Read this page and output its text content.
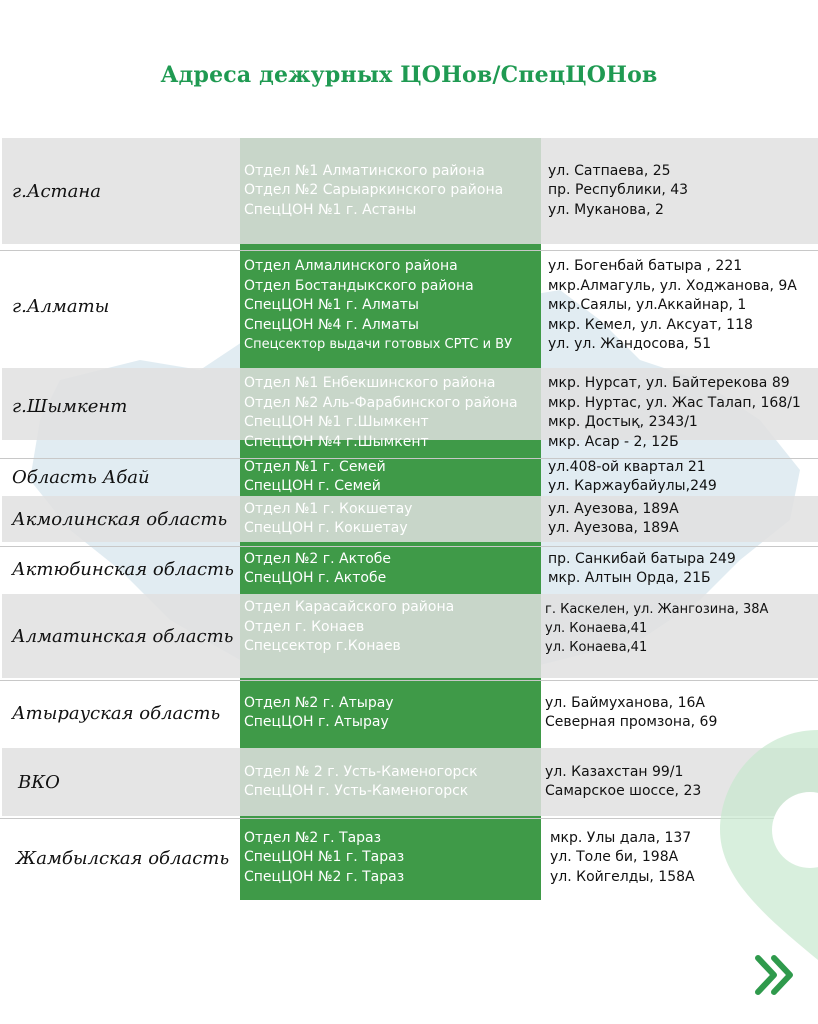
Адреса дежурных ЦОНов/СпецЦОНов
г.Астана
Отдел №1 Алматинского района
Отдел №2 Сарыаркинского района
СпецЦОН №1 г. Астаны
ул. Сатпаева, 25
пр. Республики, 43
ул. Муканова, 2
г.Алматы
Отдел Алмалинского района
Отдел Бостандыкского района
СпецЦОН №1 г. Алматы
СпецЦОН №4 г. Алматы
Спецсектор выдачи готовых СРТС и ВУ
ул. Богенбай батыра , 221
мкр.Алмагуль, ул. Ходжанова, 9А
мкр.Саялы, ул.Аккайнар, 1
мкр. Кемел, ул. Аксуат, 118
ул. ул. Жандосова, 51
г.Шымкент
Отдел №1 Енбекшинского района
Отдел №2 Аль-Фарабинского района
СпецЦОН №1 г.Шымкент
СпецЦОН №4 г.Шымкент
мкр. Нурсат, ул. Байтерекова 89
мкр. Нуртас, ул. Жас Талап, 168/1
мкр. Достық, 2343/1
мкр. Асар - 2, 12Б
Область Абай	Отдел №1 г. Семей
СпецЦОН г. Семей
ул.408-ой квартал 21
ул. Каржаубайулы,249
Акмолинская область Отдел №1 г. Кокшетау
СпецЦОН г. Кокшетау
ул. Ауезова, 189А
ул. Ауезова, 189А
Актюбинская область Отдел №2 г. Актобе
СпецЦОН г. Актобе
пр. Санкибай батыра 249
мкр. Алтын Орда, 21Б
Алматинская область
Отдел Карасайского района
Отдел г. Конаев
Спецсектор г.Конаев
г. Каскелен, ул. Жангозина, 38А
ул. Конаева,41
ул. Конаева,41
Атырауская область Отдел №2 г. Атырау
СпецЦОН г. Атырау
ул. Баймуханова, 16А
Северная промзона, 69
ВКО	Отдел № 2 г. Усть-Каменогорск
СпецЦОН г. Усть-Каменогорск
ул. Казахстан 99/1
Самарское шоссе, 23
Жамбылская область
Отдел №2 г. Тараз
СпецЦОН №1 г. Тараз
СпецЦОН №2 г. Тараз
мкр. Улы дала, 137
ул. Толе би, 198А
ул. Койгелды, 158А
